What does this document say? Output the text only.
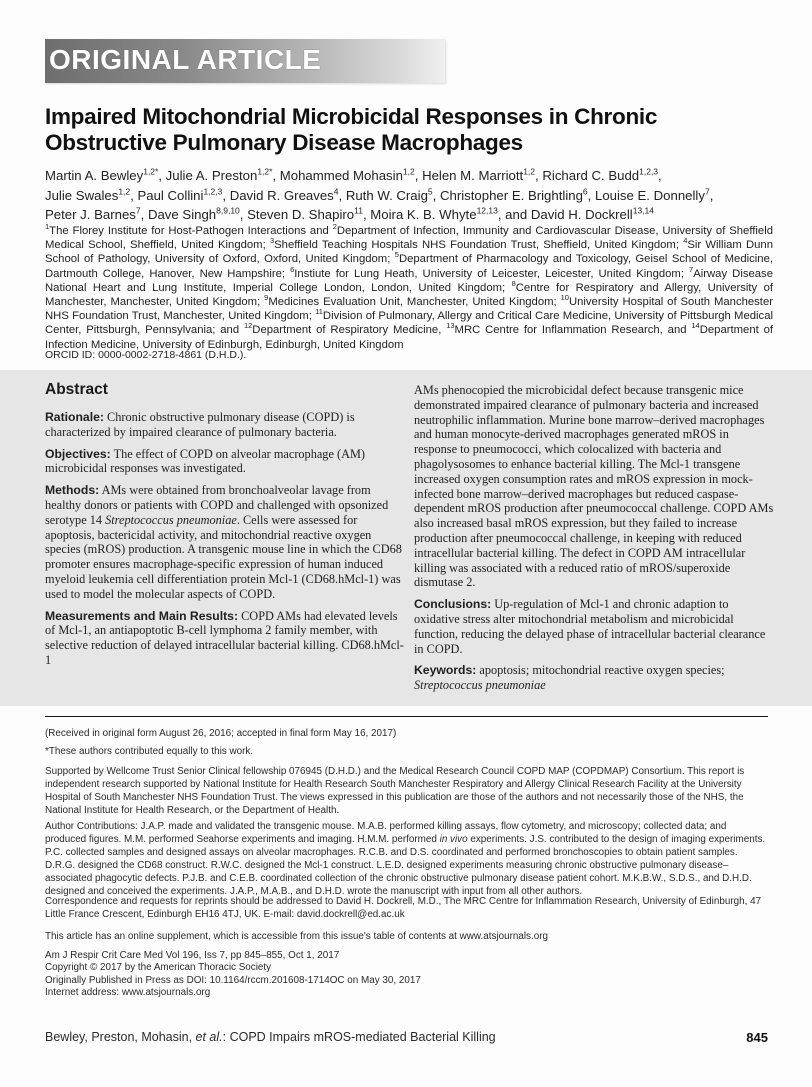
ORIGINAL ARTICLE
Impaired Mitochondrial Microbicidal Responses in Chronic
Obstructive Pulmonary Disease Macrophages
Martin A. Bewley$^{1,2*}$, Julie A. Preston$^{1,2*}$, Mohammed Mohasin$^{1,2}$, Helen M. Marriott$^{1,2}$, Richard C. Budd$^{1,2,3}$,
Julie Swales$^{1,2}$, Paul Collini$^{1,2,3}$, David R. Greaves$^4$, Ruth W. Craig$^5$, Christopher E. Brightling$^6$, Louise E. Donnelly$^7$,
Peter J. Barnes$^7$, Dave Singh$^{8,9,10}$, Steven D. Shapiro$^{11}$, Moira K. B. Whyte$^{12,13}$, and David H. Dockrell$^{13,14}$
$^1$The Florey Institute for Host-Pathogen Interactions and $^2$Department of Infection, Immunity and Cardiovascular Disease, University of Sheffield Medical School, Sheffield, United Kingdom; $^3$Sheffield Teaching Hospitals NHS Foundation Trust, Sheffield, United Kingdom; $^4$Sir William Dunn School of Pathology, University of Oxford, Oxford, United Kingdom; $^5$Department of Pharmacology and Toxicology, Geisel School of Medicine, Dartmouth College, Hanover, New Hampshire; $^6$Instiute for Lung Heath, University of Leicester, Leicester, United Kingdom; $^7$Airway Disease National Heart and Lung Institute, Imperial College London, London, United Kingdom; $^8$Centre for Respiratory and Allergy, University of Manchester, Manchester, United Kingdom; $^9$Medicines Evaluation Unit, Manchester, United Kingdom; $^{10}$University Hospital of South Manchester NHS Foundation Trust, Manchester, United Kingdom; $^{11}$Division of Pulmonary, Allergy and Critical Care Medicine, University of Pittsburgh Medical Center, Pittsburgh, Pennsylvania; and $^{12}$Department of Respiratory Medicine, $^{13}$MRC Centre for Inflammation Research, and $^{14}$Department of Infection Medicine, University of Edinburgh, Edinburgh, United Kingdom
ORCID ID: 0000-0002-2718-4861 (D.H.D.).
Abstract

Rationale: Chronic obstructive pulmonary disease (COPD) is characterized by impaired clearance of pulmonary bacteria.

Objectives: The effect of COPD on alveolar macrophage (AM) microbicidal responses was investigated.

Methods: AMs were obtained from bronchoalveolar lavage from healthy donors or patients with COPD and challenged with opsonized serotype 14 Streptococcus pneumoniae. Cells were assessed for apoptosis, bactericidal activity, and mitochondrial reactive oxygen species (mROS) production. A transgenic mouse line in which the CD68 promoter ensures macrophage-specific expression of human induced myeloid leukemia cell differentiation protein Mcl-1 (CD68.hMcl-1) was used to model the molecular aspects of COPD.

Measurements and Main Results: COPD AMs had elevated levels of Mcl-1, an antiapoptotic B-cell lymphoma 2 family member, with selective reduction of delayed intracellular bacterial killing. CD68.hMcl-1

AMs phenocopied the microbicidal defect because transgenic mice demonstrated impaired clearance of pulmonary bacteria and increased neutrophilic inflammation. Murine bone marrow–derived macrophages and human monocyte-derived macrophages generated mROS in response to pneumococci, which colocalized with bacteria and phagolysosomes to enhance bacterial killing. The Mcl-1 transgene increased oxygen consumption rates and mROS expression in mock-infected bone marrow–derived macrophages but reduced caspase-dependent mROS production after pneumococcal challenge. COPD AMs also increased basal mROS expression, but they failed to increase production after pneumococcal challenge, in keeping with reduced intracellular bacterial killing. The defect in COPD AM intracellular killing was associated with a reduced ratio of mROS/superoxide dismutase 2.

Conclusions: Up-regulation of Mcl-1 and chronic adaption to oxidative stress alter mitochondrial metabolism and microbicidal function, reducing the delayed phase of intracellular bacterial clearance in COPD.

Keywords: apoptosis; mitochondrial reactive oxygen species; Streptococcus pneumoniae

(Received in original form August 26, 2016; accepted in final form May 16, 2017)
*These authors contributed equally to this work.
Supported by Wellcome Trust Senior Clinical fellowship 076945 (D.H.D.) and the Medical Research Council COPD MAP (COPDMAP) Consortium. This report is independent research supported by National Institute for Health Research South Manchester Respiratory and Allergy Clinical Research Facility at the University Hospital of South Manchester NHS Foundation Trust. The views expressed in this publication are those of the authors and not necessarily those of the NHS, the National Institute for Health Research, or the Department of Health.
Author Contributions: J.A.P. made and validated the transgenic mouse. M.A.B. performed killing assays, flow cytometry, and microscopy; collected data; and produced figures. M.M. performed Seahorse experiments and imaging. H.M.M. performed in vivo experiments. J.S. contributed to the design of imaging experiments. P.C. collected samples and designed assays on alveolar macrophages. R.C.B. and D.S. coordinated and performed bronchoscopies to obtain patient samples. D.R.G. designed the CD68 construct. R.W.C. designed the Mcl-1 construct. L.E.D. designed experiments measuring chronic obstructive pulmonary disease–associated phagocytic defects. P.J.B. and C.E.B. coordinated collection of the chronic obstructive pulmonary disease patient cohort. M.K.B.W., S.D.S., and D.H.D. designed and conceived the experiments. J.A.P., M.A.B., and D.H.D. wrote the manuscript with input from all other authors.
Correspondence and requests for reprints should be addressed to David H. Dockrell, M.D., The MRC Centre for Inflammation Research, University of Edinburgh, 47 Little France Crescent, Edinburgh EH16 4TJ, UK. E-mail: david.dockrell@ed.ac.uk
This article has an online supplement, which is accessible from this issue's table of contents at www.atsjournals.org
Am J Respir Crit Care Med Vol 196, Iss 7, pp 845–855, Oct 1, 2017
Copyright © 2017 by the American Thoracic Society
Originally Published in Press as DOI: 10.1164/rccm.201608-1714OC on May 30, 2017
Internet address: www.atsjournals.org
Bewley, Preston, Mohasin, et al.: COPD Impairs mROS-mediated Bacterial Killing	845
